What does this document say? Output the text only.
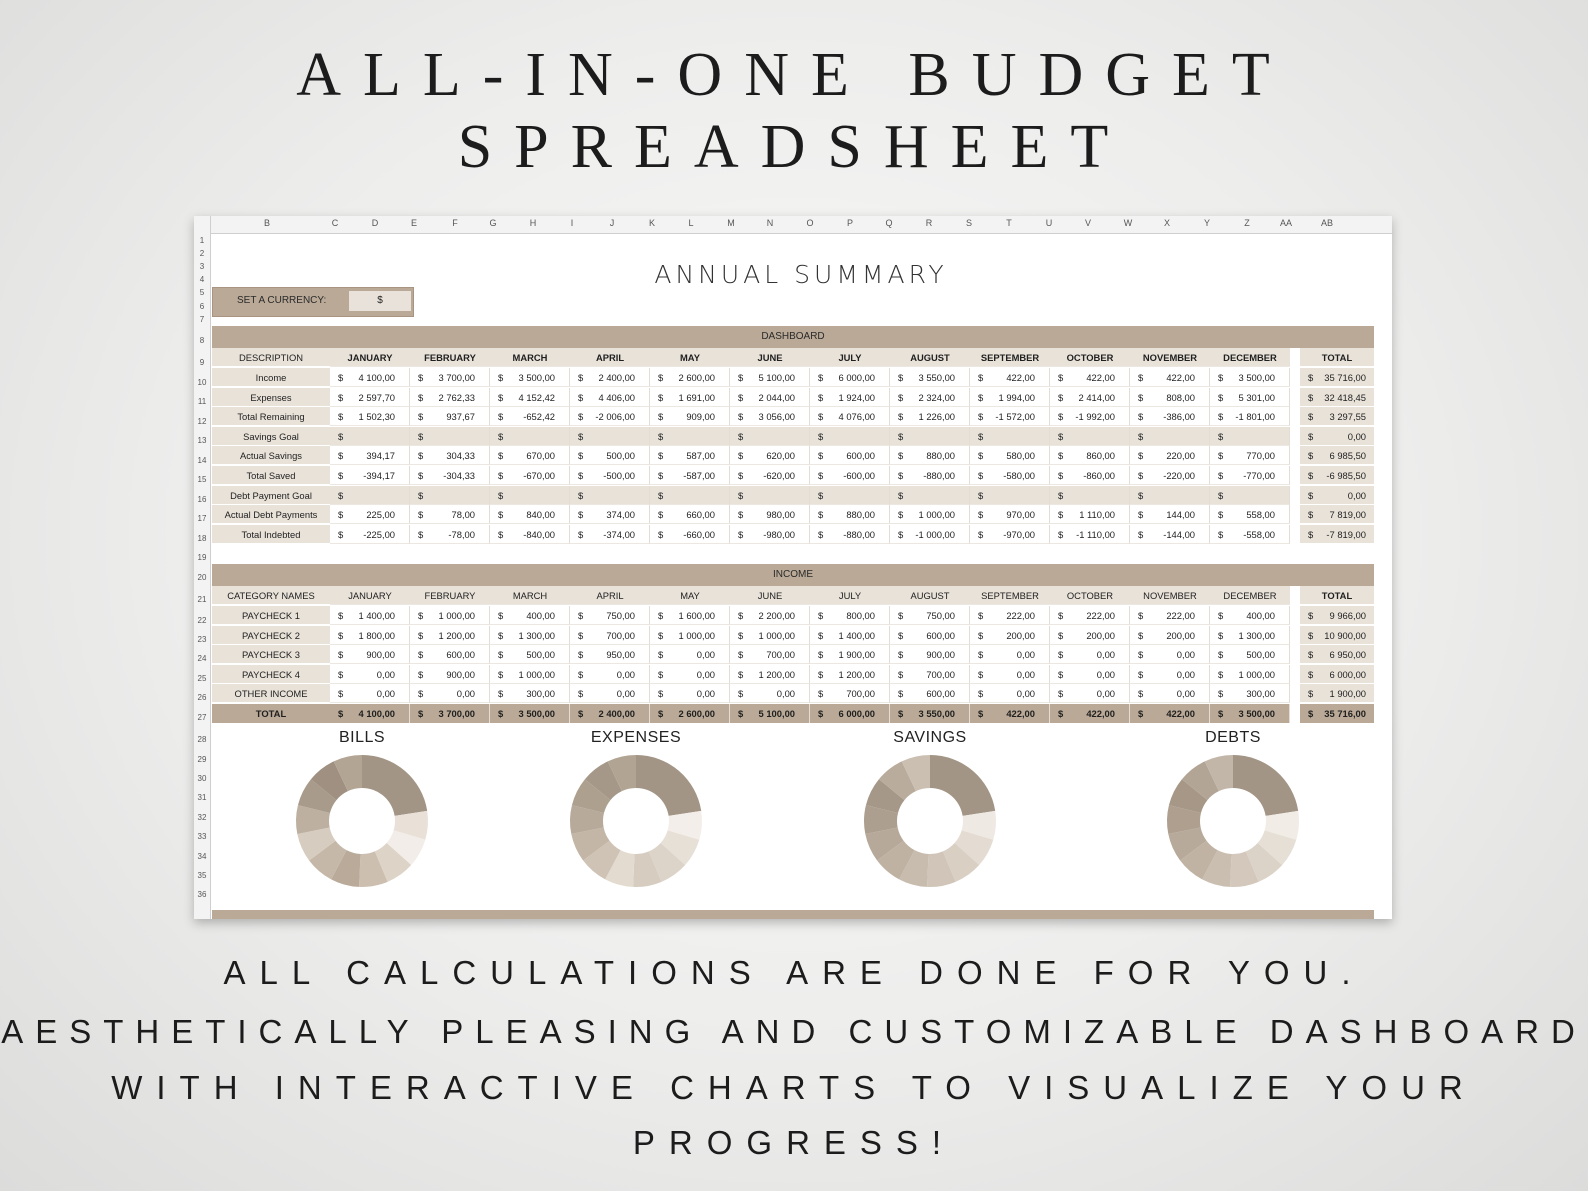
ALL-IN-ONE BUDGET
SPREADSHEET
B	C	D	E	F	G	H	I	J	K	L	M	N	O	P	Q	R	S	T	U	V	W	X	Y	Z	AA	AB
1
2
3
4
5
6
7
8
9
10
11
12
13
14
15
16
17
18
19
20
21
22
23
24
25
26
27
28
29
30
31
32
33
34
35
36
ANNUAL SUMMARY
SET A CURRENCY:	$
DASHBOARD
DESCRIPTION	JANUARY	FEBRUARY	MARCH	APRIL	MAY	JUNE	JULY	AUGUST	SEPTEMBER	OCTOBER	NOVEMBER	DECEMBER	TOTAL
Income	$ 4 100,00 $ 3 700,00 $ 3 500,00 $ 2 400,00 $ 2 600,00 $ 5 100,00 $ 6 000,00 $ 3 550,00 $ 422,00 $ 422,00 $ 422,00 $ 3 500,00	$ 35 716,00
Expenses	$ 2 597,70 $ 2 762,33 $ 4 152,42 $ 4 406,00 $ 1 691,00 $ 2 044,00 $ 1 924,00 $ 2 324,00 $ 1 994,00 $ 2 414,00 $ 808,00 $ 5 301,00	$ 32 418,45
Total Remaining	$ 1 502,30 $ 937,67 $ -652,42 $ -2 006,00 $ 909,00 $ 3 056,00 $ 4 076,00 $ 1 226,00 $ -1 572,00 $ -1 992,00 $ -386,00 $ -1 801,00	$ 3 297,55
Savings Goal	$	$	$	$	$	$	$	$	$	$	$	$	$	0,00
Actual Savings	$ 394,17 $ 304,33 $ 670,00 $ 500,00 $ 587,00 $ 620,00 $ 600,00 $ 880,00 $ 580,00 $ 860,00 $ 220,00 $ 770,00	$ 6 985,50
Total Saved	$ -394,17 $ -304,33 $ -670,00 $ -500,00 $ -587,00 $ -620,00 $ -600,00 $ -880,00 $ -580,00 $ -860,00 $ -220,00 $ -770,00	$ -6 985,50
Debt Payment Goal	$	$	$	$	$	$	$	$	$	$	$	$	$	0,00
Actual Debt Payments	$ 225,00 $	78,00 $ 840,00 $ 374,00 $ 660,00 $ 980,00 $ 880,00 $ 1 000,00 $ 970,00 $ 1 110,00 $ 144,00 $ 558,00	$ 7 819,00
Total Indebted	$ -225,00 $	-78,00 $ -840,00 $ -374,00 $ -660,00 $ -980,00 $ -880,00 $ -1 000,00 $ -970,00 $ -1 110,00 $ -144,00 $ -558,00	$ -7 819,00
INCOME
CATEGORY NAMES	JANUARY	FEBRUARY	MARCH	APRIL	MAY	JUNE	JULY	AUGUST	SEPTEMBER	OCTOBER	NOVEMBER	DECEMBER	TOTAL
PAYCHECK 1	$ 1 400,00 $ 1 000,00 $ 400,00 $ 750,00 $ 1 600,00 $ 2 200,00 $ 800,00 $ 750,00 $ 222,00 $ 222,00 $ 222,00 $ 400,00	$ 9 966,00
PAYCHECK 2	$ 1 800,00 $ 1 200,00 $ 1 300,00 $ 700,00 $ 1 000,00 $ 1 000,00 $ 1 400,00 $ 600,00 $ 200,00 $ 200,00 $ 200,00 $ 1 300,00	$ 10 900,00
PAYCHECK 3	$ 900,00 $ 600,00 $ 500,00 $ 950,00 $	0,00 $ 700,00 $ 1 900,00 $ 900,00 $	0,00 $	0,00 $	0,00 $ 500,00	$ 6 950,00
PAYCHECK 4	$	0,00 $ 900,00 $ 1 000,00 $	0,00 $	0,00 $ 1 200,00 $ 1 200,00 $ 700,00 $	0,00 $	0,00 $	0,00 $ 1 000,00	$ 6 000,00
OTHER INCOME	$	0,00 $	0,00 $ 300,00 $	0,00 $	0,00 $	0,00 $ 700,00 $ 600,00 $	0,00 $	0,00 $	0,00 $ 300,00	$ 1 900,00
TOTAL	$ 4 100,00 $ 3 700,00 $ 3 500,00 $ 2 400,00 $ 2 600,00 $ 5 100,00 $ 6 000,00 $ 3 550,00 $ 422,00 $ 422,00 $ 422,00 $ 3 500,00	$ 35 716,00
BILLS	EXPENSES	SAVINGS	DEBTS
ALL CALCULATIONS ARE DONE FOR YOU.
AESTHETICALLY PLEASING AND CUSTOMIZABLE DASHBOARD
WITH INTERACTIVE CHARTS TO VISUALIZE YOUR
PROGRESS!
